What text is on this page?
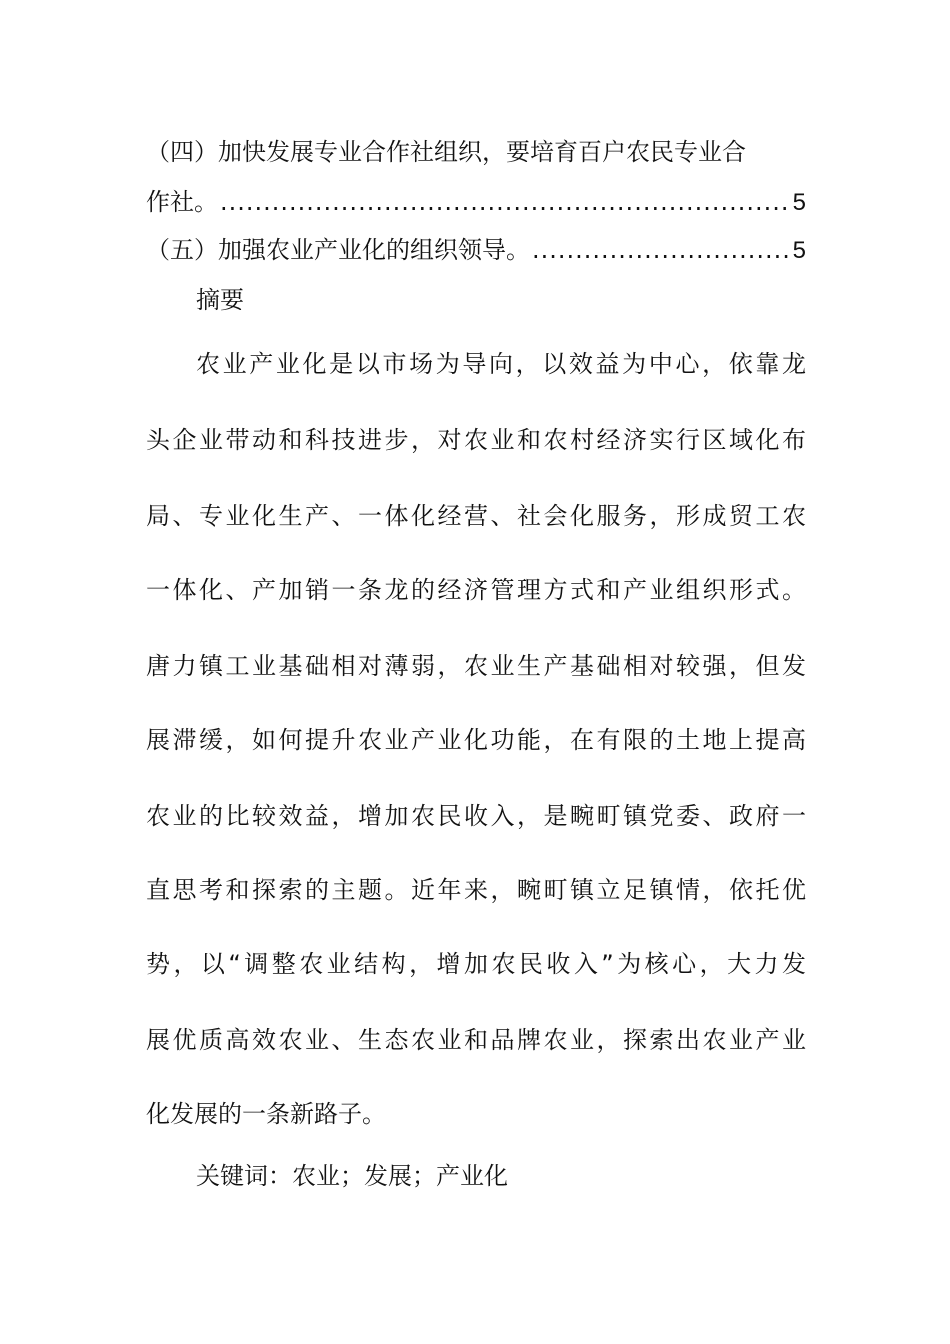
（四）加快发展专业合作社组织，要培育百户农民专业合
作社。 .....	5
（五）加强农业产业化的组织领导。 .....	5
摘要
农业产业化是以市场为导向，以效益为中心，依靠龙
头企业带动和科技进步，对农业和农村经济实行区域化布
局、专业化生产、一体化经营、社会化服务，形成贸工农
一体化、产加销一条龙的经济管理方式和产业组织形式。
唐力镇工业基础相对薄弱，农业生产基础相对较强，但发
展滞缓，如何提升农业产业化功能，在有限的土地上提高
农业的比较效益，增加农民收入，是畹町镇党委、政府一
直思考和探索的主题。近年来，畹町镇立足镇情，依托优
势，以“调整农业结构，增加农民收入”为核心，大力发
展优质高效农业、生态农业和品牌农业，探索出农业产业
化发展的一条新路子。
关键词：农业；发展；产业化
